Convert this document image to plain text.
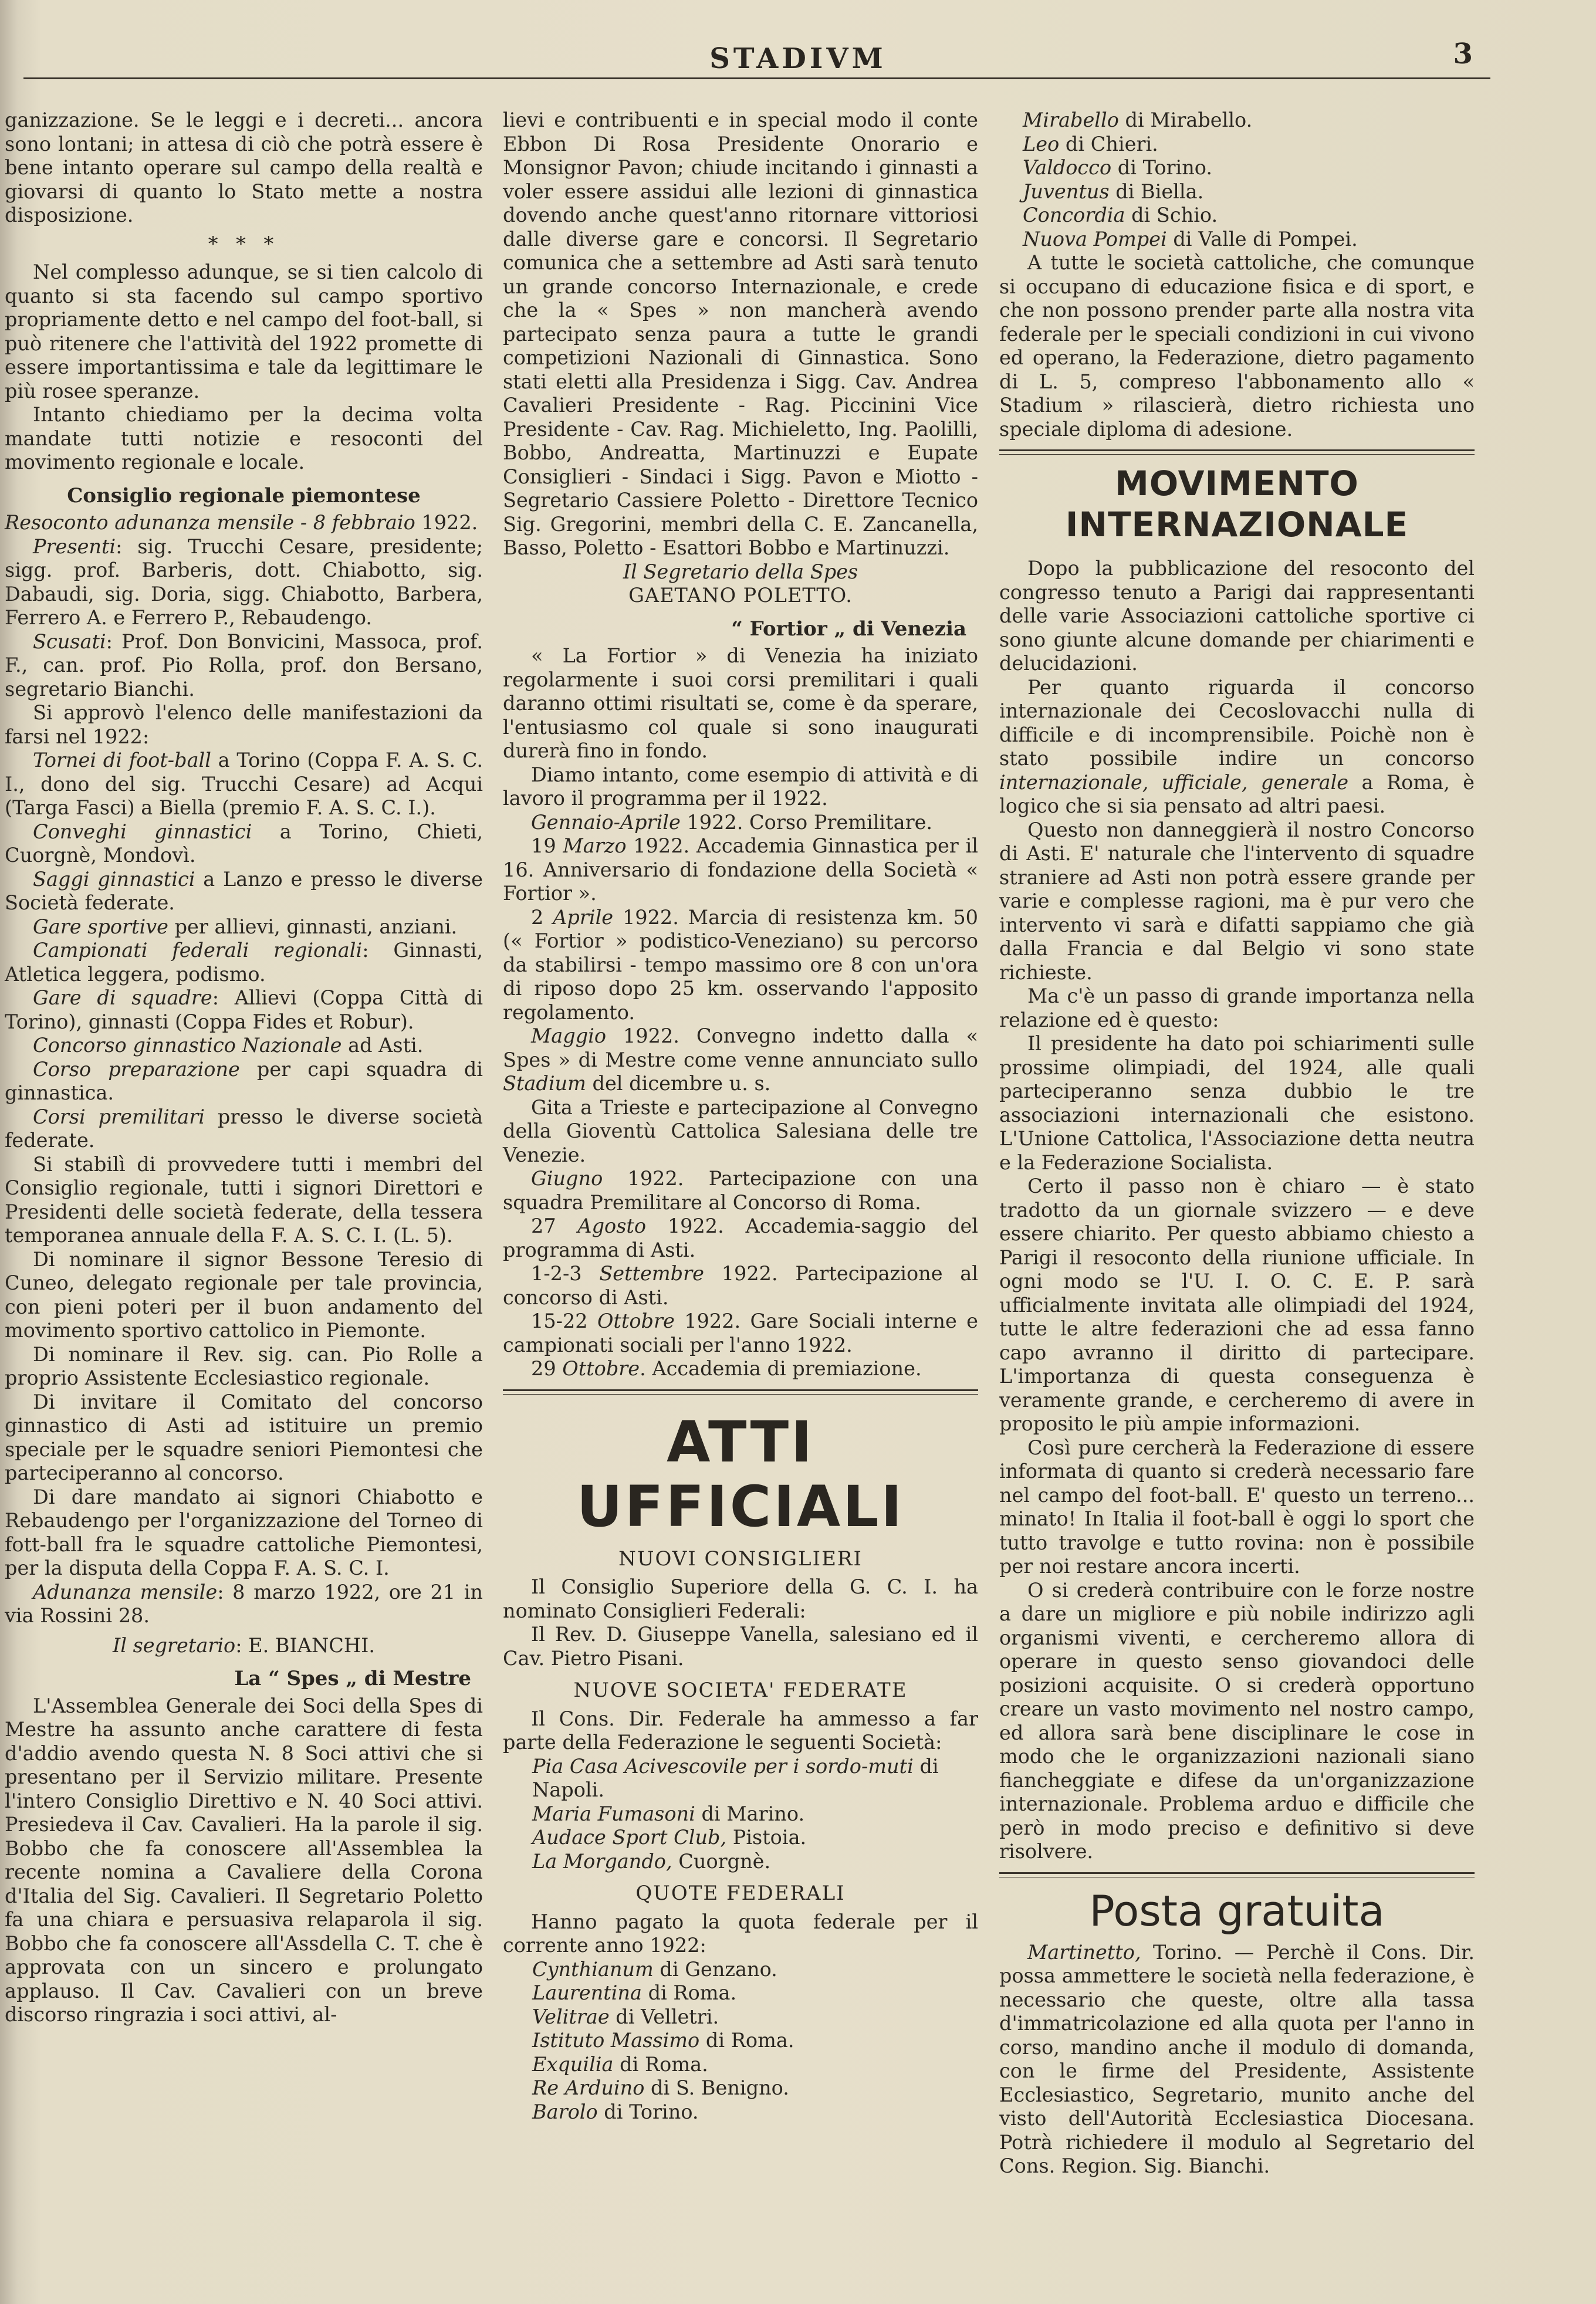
STADIVM	3

ganizzazione. Se le leggi e i decreti... ancora sono lontani; in attesa di ciò che potrà essere è bene intanto operare sul campo della realtà e giovarsi di quanto lo Stato mette a nostra disposizione.

* * *

Nel complesso adunque, se si tien calcolo di quanto si sta facendo sul campo sportivo propriamente detto e nel campo del foot-ball, si può ritenere che l'attività del 1922 promette di essere importantissima e tale da legittimare le più rosee speranze.

Intanto chiediamo per la decima volta mandate tutti notizie e resoconti del movimento regionale e locale.

Consiglio regionale piemontese

Resoconto adunanza mensile - 8 febbraio 1922.

Presenti: sig. Trucchi Cesare, presidente; sigg. prof. Barberis, dott. Chiabotto, sig. Dabaudi, sig. Doria, sigg. Chiabotto, Barbera, Ferrero A. e Ferrero P., Rebaudengo.

Scusati: Prof. Don Bonvicini, Massoca, prof. F., can. prof. Pio Rolla, prof. don Bersano, segretario Bianchi.

Si approvò l'elenco delle manifestazioni da farsi nel 1922:

Tornei di foot-ball a Torino (Coppa F. A. S. C. I., dono del sig. Trucchi Cesare) ad Acqui (Targa Fasci) a Biella (premio F. A. S. C. I.).

Conveghi ginnastici a Torino, Chieti, Cuorgnè, Mondovì.

Saggi ginnastici a Lanzo e presso le diverse Società federate.

Gare sportive per allievi, ginnasti, anziani.

Campionati federali regionali: Ginnasti, Atletica leggera, podismo.

Gare di squadre: Allievi (Coppa Città di Torino), ginnasti (Coppa Fides et Robur).

Concorso ginnastico Nazionale ad Asti.

Corso preparazione per capi squadra di ginnastica.

Corsi premilitari presso le diverse società federate.

Si stabilì di provvedere tutti i membri del Consiglio regionale, tutti i signori Direttori e Presidenti delle società federate, della tessera temporanea annuale della F. A. S. C. I. (L. 5).

Di nominare il signor Bessone Teresio di Cuneo, delegato regionale per tale provincia, con pieni poteri per il buon andamento del movimento sportivo cattolico in Piemonte.

Di nominare il Rev. sig. can. Pio Rolle a proprio Assistente Ecclesiastico regionale.

Di invitare il Comitato del concorso ginnastico di Asti ad istituire un premio speciale per le squadre seniori Piemontesi che parteciperanno al concorso.

Di dare mandato ai signori Chiabotto e Rebaudengo per l'organizzazione del Torneo di fott-ball fra le squadre cattoliche Piemontesi, per la disputa della Coppa F. A. S. C. I.

Adunanza mensile: 8 marzo 1922, ore 21 in via Rossini 28.

Il segretario: E. BIANCHI.

La “ Spes „ di Mestre

L'Assemblea Generale dei Soci della Spes di Mestre ha assunto anche carattere di festa d'addio avendo questa N. 8 Soci attivi che si presentano per il Servizio militare. Presente l'intero Consiglio Direttivo e N. 40 Soci attivi. Presiedeva il Cav. Cavalieri. Ha la parole il sig. Bobbo che fa conoscere all'Assemblea la recente nomina a Cavaliere della Corona d'Italia del Sig. Cavalieri. Il Segretario Poletto fa una chiara e persuasiva relaparola il sig. Bobbo che fa conoscere all'Assdella C. T. che è approvata con un sincero e prolungato applauso. Il Cav. Cavalieri con un breve discorso ringrazia i soci attivi, al-

lievi e contribuenti e in special modo il conte Ebbon Di Rosa Presidente Onorario e Monsignor Pavon; chiude incitando i ginnasti a voler essere assidui alle lezioni di ginnastica dovendo anche quest'anno ritornare vittoriosi dalle diverse gare e concorsi. Il Segretario comunica che a settembre ad Asti sarà tenuto un grande concorso Internazionale, e crede che la « Spes » non mancherà avendo partecipato senza paura a tutte le grandi competizioni Nazionali di Ginnastica. Sono stati eletti alla Presidenza i Sigg. Cav. Andrea Cavalieri Presidente - Rag. Piccinini Vice Presidente - Cav. Rag. Michieletto, Ing. Paolilli, Bobbo, Andreatta, Martinuzzi e Eupate Consiglieri - Sindaci i Sigg. Pavon e Miotto - Segretario Cassiere Poletto - Direttore Tecnico Sig. Gregorini, membri della C. E. Zancanella, Basso, Poletto - Esattori Bobbo e Martinuzzi.

Il Segretario della Spes

GAETANO POLETTO.

“ Fortior „ di Venezia

« La Fortior » di Venezia ha iniziato regolarmente i suoi corsi premilitari i quali daranno ottimi risultati se, come è da sperare, l'entusiasmo col quale si sono inaugurati durerà fino in fondo.

Diamo intanto, come esempio di attività e di lavoro il programma per il 1922.

Gennaio-Aprile 1922. Corso Premilitare.

19 Marzo 1922. Accademia Ginnastica per il 16. Anniversario di fondazione della Società « Fortior ».

2 Aprile 1922. Marcia di resistenza km. 50 (« Fortior » podistico-Veneziano) su percorso da stabilirsi - tempo massimo ore 8 con un'ora di riposo dopo 25 km. osservando l'apposito regolamento.

Maggio 1922. Convegno indetto dalla « Spes » di Mestre come venne annunciato sullo Stadium del dicembre u. s.

Gita a Trieste e partecipazione al Convegno della Gioventù Cattolica Salesiana delle tre Venezie.

Giugno 1922. Partecipazione con una squadra Premilitare al Concorso di Roma.

27 Agosto 1922. Accademia-saggio del programma di Asti.

1-2-3 Settembre 1922. Partecipazione al concorso di Asti.

15-22 Ottobre 1922. Gare Sociali interne e campionati sociali per l'anno 1922.

29 Ottobre. Accademia di premiazione.

ATTI UFFICIALI
NUOVI CONSIGLIERI

Il Consiglio Superiore della G. C. I. ha nominato Consiglieri Federali:

Il Rev. D. Giuseppe Vanella, salesiano ed il Cav. Pietro Pisani.

NUOVE SOCIETA' FEDERATE

Il Cons. Dir. Federale ha ammesso a far parte della Federazione le seguenti Società:

Pia Casa Acivescovile per i sordo-muti di Napoli.

Maria Fumasoni di Marino.

Audace Sport Club, Pistoia.

La Morgando, Cuorgnè.

QUOTE FEDERALI

Hanno pagato la quota federale per il corrente anno 1922:

Cynthianum di Genzano.

Laurentina di Roma.

Velitrae di Velletri.

Istituto Massimo di Roma.

Exquilia di Roma.

Re Arduino di S. Benigno.

Barolo di Torino.

Mirabello di Mirabello.

Leo di Chieri.

Valdocco di Torino.

Juventus di Biella.

Concordia di Schio.

Nuova Pompei di Valle di Pompei.

A tutte le società cattoliche, che comunque si occupano di educazione fisica e di sport, e che non possono prender parte alla nostra vita federale per le speciali condizioni in cui vivono ed operano, la Federazione, dietro pagamento di L. 5, compreso l'abbonamento allo « Stadium » rilascierà, dietro richiesta uno speciale diploma di adesione.

MOVIMENTO INTERNAZIONALE

Dopo la pubblicazione del resoconto del congresso tenuto a Parigi dai rappresentanti delle varie Associazioni cattoliche sportive ci sono giunte alcune domande per chiarimenti e delucidazioni.

Per quanto riguarda il concorso internazionale dei Cecoslovacchi nulla di difficile e di incomprensibile. Poichè non è stato possibile indire un concorso internazionale, ufficiale, generale a Roma, è logico che si sia pensato ad altri paesi.

Questo non danneggierà il nostro Concorso di Asti. E' naturale che l'intervento di squadre straniere ad Asti non potrà essere grande per varie e complesse ragioni, ma è pur vero che intervento vi sarà e difatti sappiamo che già dalla Francia e dal Belgio vi sono state richieste.

Ma c'è un passo di grande importanza nella relazione ed è questo:

Il presidente ha dato poi schiarimenti sulle prossime olimpiadi, del 1924, alle quali parteciperanno senza dubbio le tre associazioni internazionali che esistono. L'Unione Cattolica, l'Associazione detta neutra e la Federazione Socialista.

Certo il passo non è chiaro — è stato tradotto da un giornale svizzero — e deve essere chiarito. Per questo abbiamo chiesto a Parigi il resoconto della riunione ufficiale. In ogni modo se l'U. I. O. C. E. P. sarà ufficialmente invitata alle olimpiadi del 1924, tutte le altre federazioni che ad essa fanno capo avranno il diritto di partecipare. L'importanza di questa conseguenza è veramente grande, e cercheremo di avere in proposito le più ampie informazioni.

Così pure cercherà la Federazione di essere informata di quanto si crederà necessario fare nel campo del foot-ball. E' questo un terreno... minato! In Italia il foot-ball è oggi lo sport che tutto travolge e tutto rovina: non è possibile per noi restare ancora incerti.

O si crederà contribuire con le forze nostre a dare un migliore e più nobile indirizzo agli organismi viventi, e cercheremo allora di operare in questo senso giovandoci delle posizioni acquisite. O si crederà opportuno creare un vasto movimento nel nostro campo, ed allora sarà bene disciplinare le cose in modo che le organizzazioni nazionali siano fiancheggiate e difese da un'organizzazione internazionale. Problema arduo e difficile che però in modo preciso e definitivo si deve risolvere.

Posta gratuita

Martinetto, Torino. — Perchè il Cons. Dir. possa ammettere le società nella federazione, è necessario che queste, oltre alla tassa d'immatricolazione ed alla quota per l'anno in corso, mandino anche il modulo di domanda, con le firme del Presidente, Assistente Ecclesiastico, Segretario, munito anche del visto dell'Autorità Ecclesiastica Diocesana. Potrà richiedere il modulo al Segretario del Cons. Region. Sig. Bianchi.
